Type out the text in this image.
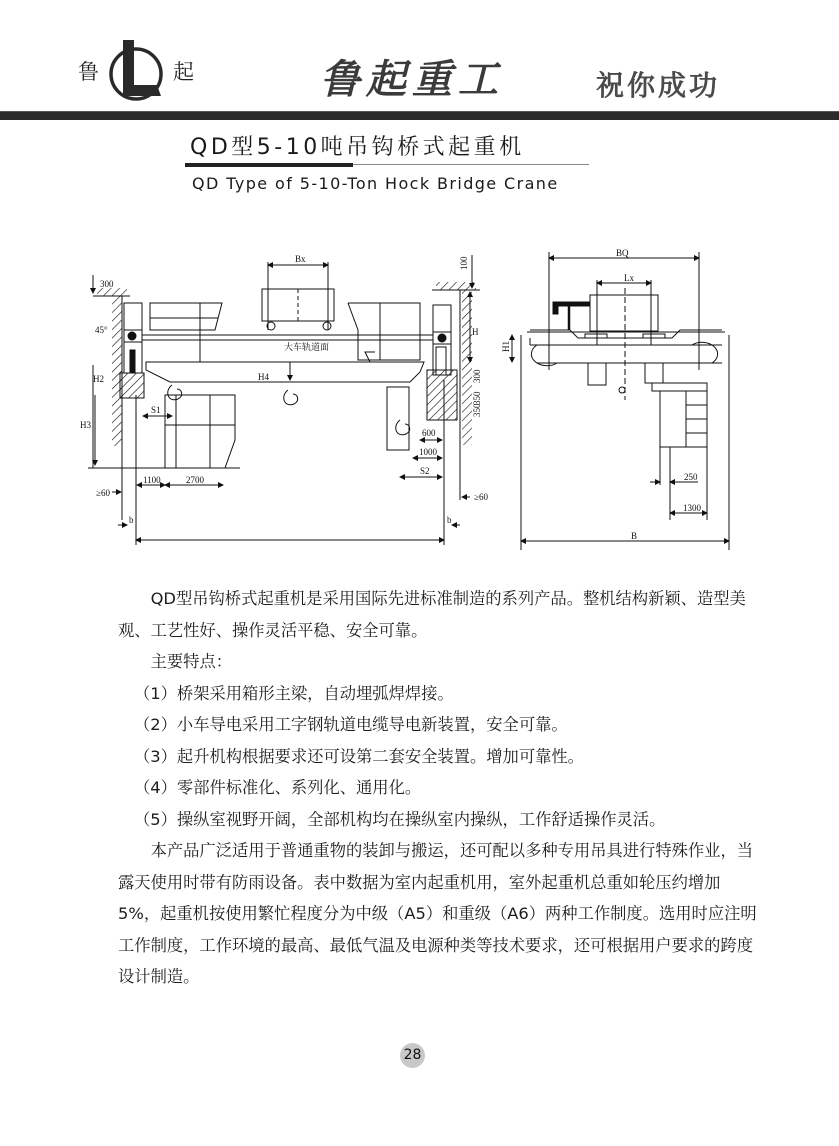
鲁	起	鲁起重工	祝你成功
QD型5-10吨吊钩桥式起重机
QD Type of 5-10-Ton Hock Bridge Crane
300
45°
Bx
大车轨道面
100
H
300
350
350
H2
H3
H4
S1
S2
1100	2700
600
1000
≥60	≥60
b	b
BQ
Lx
H1
250
1300
B

QD型吊钩桥式起重机是采用国际先进标准制造的系列产品。整机结构新颖、造型美观、工艺性好、操作灵活平稳、安全可靠。

主要特点：

（1）桥架采用箱形主梁，自动埋弧焊焊接。

（2）小车导电采用工字钢轨道电缆导电新装置，安全可靠。

（3）起升机构根据要求还可设第二套安全装置。增加可靠性。

（4）零部件标准化、系列化、通用化。

（5）操纵室视野开阔，全部机构均在操纵室内操纵，工作舒适操作灵活。

本产品广泛适用于普通重物的装卸与搬运，还可配以多种专用吊具进行特殊作业，当露天使用时带有防雨设备。表中数据为室内起重机用，室外起重机总重如轮压约增加5%，起重机按使用繁忙程度分为中级（A5）和重级（A6）两种工作制度。选用时应注明工作制度，工作环境的最高、最低气温及电源种类等技术要求，还可根据用户要求的跨度设计制造。

28
